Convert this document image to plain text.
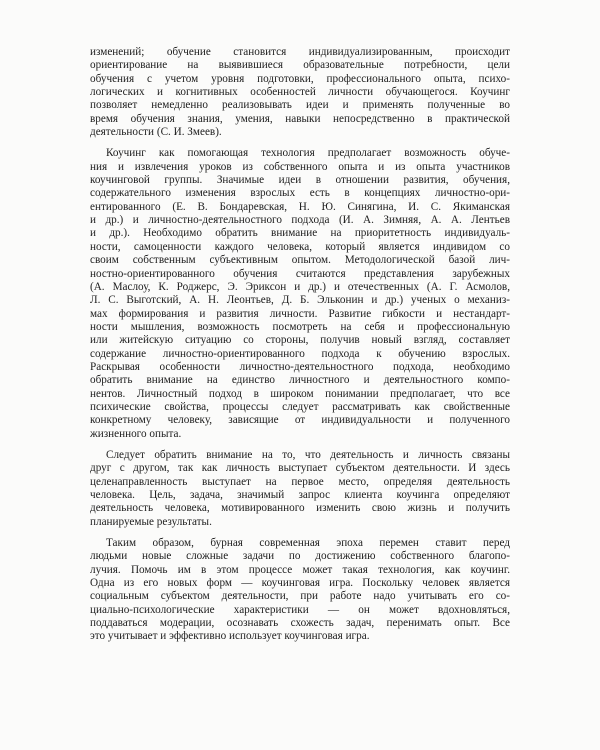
изменений; обучение становится индивидуализированным, происходит
ориентирование на выявившиеся образовательные потребности, цели
обучения с учетом уровня подготовки, профессионального опыта, психо-
логических и когнитивных особенностей личности обучающегося. Коучинг
позволяет немедленно реализовывать идеи и применять полученные во
время обучения знания, умения, навыки непосредственно в практической
деятельности (С. И. Змеев).
Коучинг как помогающая технология предполагает возможность обуче-
ния и извлечения уроков из собственного опыта и из опыта участников
коучинговой группы. Значимые идеи в отношении развития, обучения,
содержательного изменения взрослых есть в концепциях личностно-ори-
ентированного (Е. В. Бондаревская, Н. Ю. Синягина, И. С. Якиманская
и др.) и личностно-деятельностного подхода (И. А. Зимняя, А. А. Лентьев
и др.). Необходимо обратить внимание на приоритетность индивидуаль-
ности, самоценности каждого человека, который является индивидом со
своим собственным субъективным опытом. Методологической базой лич-
ностно-ориентированного обучения считаются представления зарубежных
(А. Маслоу, К. Роджерс, Э. Эриксон и др.) и отечественных (А. Г. Асмолов,
Л. С. Выготский, А. Н. Леонтьев, Д. Б. Эльконин и др.) ученых о механиз-
мах формирования и развития личности. Развитие гибкости и нестандарт-
ности мышления, возможность посмотреть на себя и профессиональную
или житейскую ситуацию со стороны, получив новый взгляд, составляет
содержание личностно-ориентированного подхода к обучению взрослых.
Раскрывая особенности личностно-деятельностного подхода, необходимо
обратить внимание на единство личностного и деятельностного компо-
нентов. Личностный подход в широком понимании предполагает, что все
психические свойства, процессы следует рассматривать как свойственные
конкретному человеку, зависящие от индивидуальности и полученного
жизненного опыта.
Следует обратить внимание на то, что деятельность и личность связаны
друг с другом, так как личность выступает субъектом деятельности. И здесь
целенаправленность выступает на первое место, определяя деятельность
человека. Цель, задача, значимый запрос клиента коучинга определяют
деятельность человека, мотивированного изменить свою жизнь и получить
планируемые результаты.
Таким образом, бурная современная эпоха перемен ставит перед
людьми новые сложные задачи по достижению собственного благопо-
лучия. Помочь им в этом процессе может такая технология, как коучинг.
Одна из его новых форм — коучинговая игра. Поскольку человек является
социальным субъектом деятельности, при работе надо учитывать его со-
циально-психологические характеристики — он может вдохновляться,
поддаваться модерации, осознавать схожесть задач, перенимать опыт. Все
это учитывает и эффективно использует коучинговая игра.
